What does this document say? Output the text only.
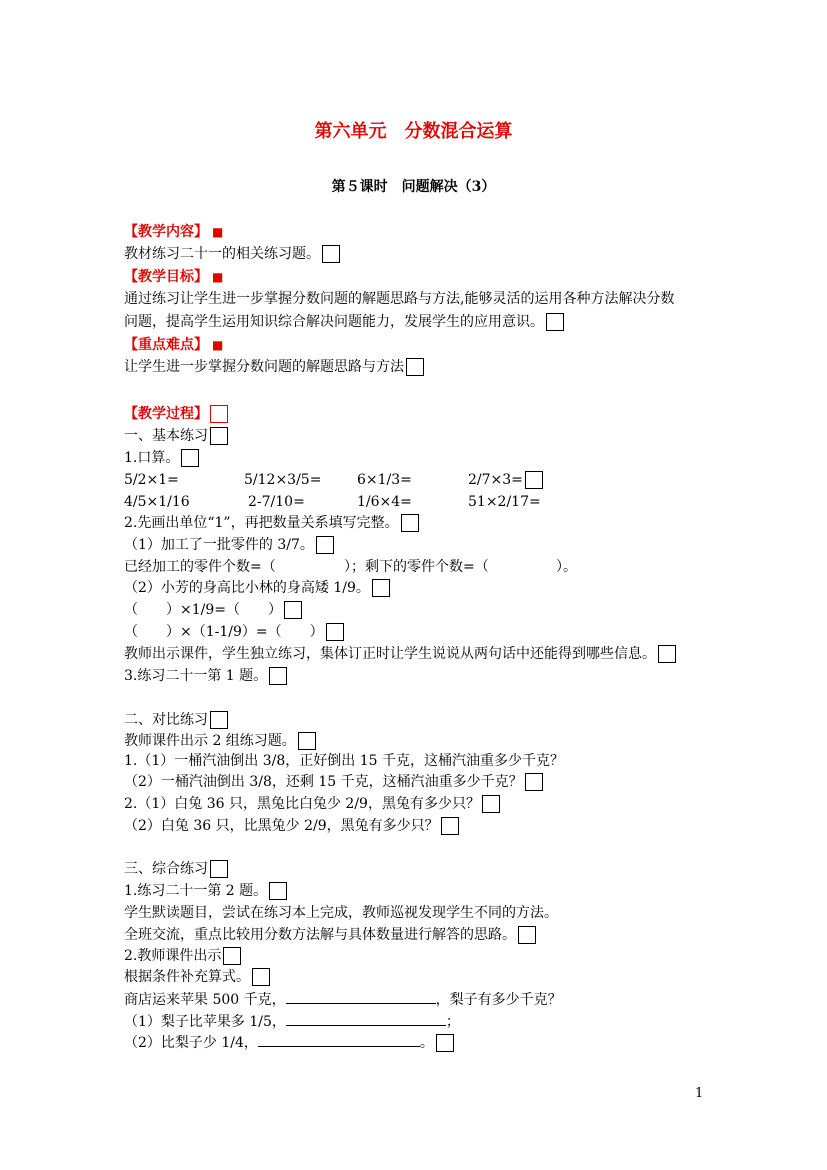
第六单元　分数混合运算
第５课时　问题解决（3）
【教学内容】 ■
教材练习二十一的相关练习题。
【教学目标】 ■
通过练习让学生进一步掌握分数问题的解题思路与方法,能够灵活的运用各种方法解决分数
问题，提高学生运用知识综合解决问题能力，发展学生的应用意识。
【重点难点】 ■
让学生进一步掌握分数问题的解题思路与方法
【教学过程】
一、基本练习
1.口算。
5/2×1=	5/12×3/5=	6×1/3=	2/7×3=
4/5×1/16	2-7/10=	1/6×4=	51×2/17=
2.先画出单位“1”，再把数量关系填写完整。
（1）加工了一批零件的 3/7。
已经加工的零件个数=（	）；剩下的零件个数=（	）。
（2）小芳的身高比小林的身高矮 1/9。
（　　）×1/9=（　　）
（　　）×（1-1/9）=（　　）
教师出示课件，学生独立练习，集体订正时让学生说说从两句话中还能得到哪些信息。
3.练习二十一第 1 题。
二、对比练习
教师课件出示 2 组练习题。
1.（1）一桶汽油倒出 3/8，正好倒出 15 千克，这桶汽油重多少千克？
（2）一桶汽油倒出 3/8，还剩 15 千克，这桶汽油重多少千克？
2.（1）白兔 36 只，黑兔比白兔少 2/9，黑兔有多少只？
（2）白兔 36 只，比黑兔少 2/9，黑兔有多少只？
三、综合练习
1.练习二十一第 2 题。
学生默读题目，尝试在练习本上完成，教师巡视发现学生不同的方法。
全班交流，重点比较用分数方法解与具体数量进行解答的思路。
2.教师课件出示
根据条件补充算式。
商店运来苹果 500 千克，	，梨子有多少千克？
（1）梨子比苹果多 1/5，	；
（2）比梨子少 1/4，	。
1
